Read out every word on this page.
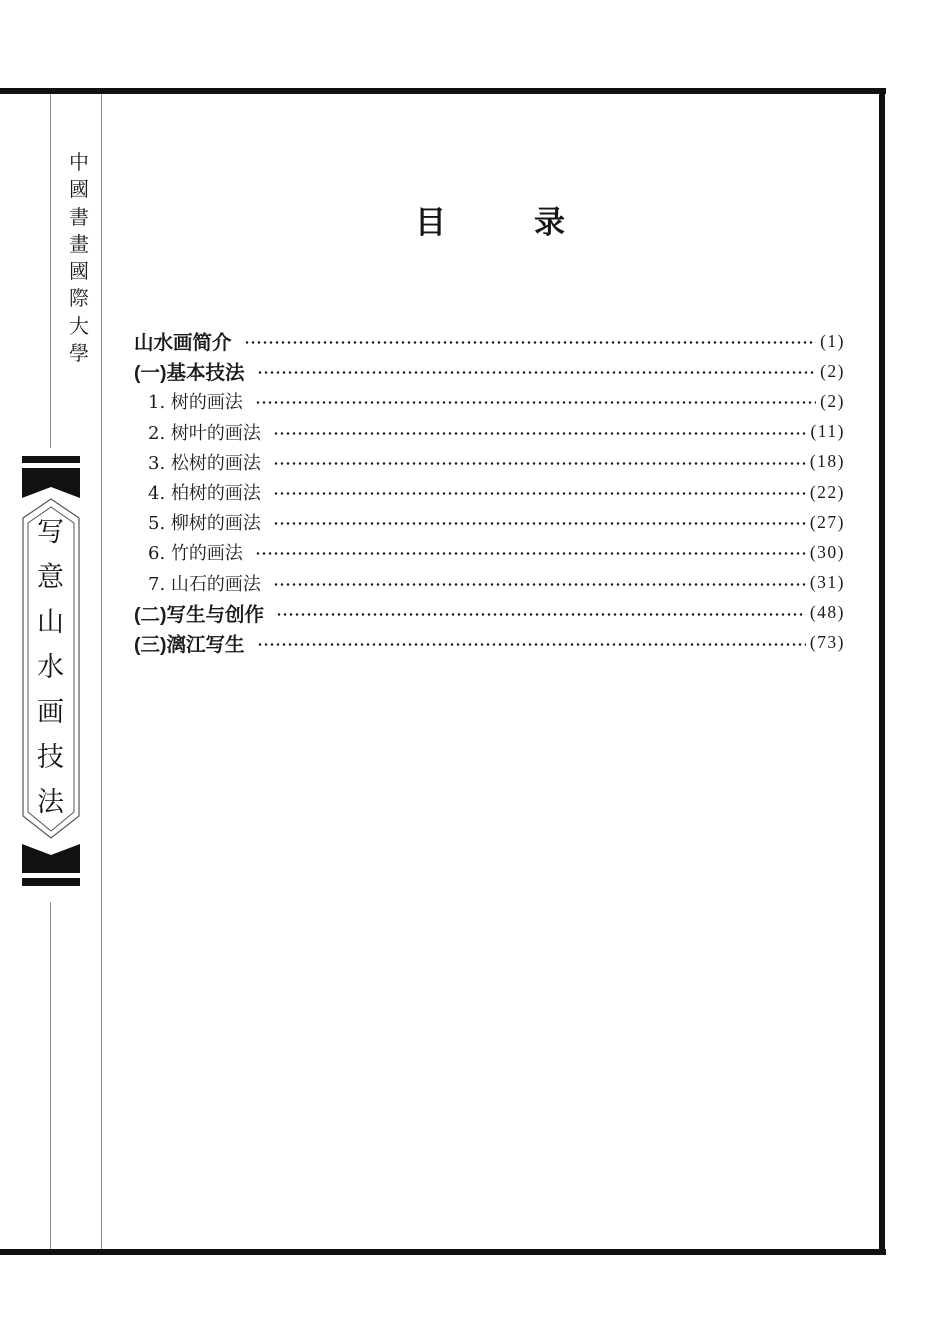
中
國
書
畫
國
際
大
學
写
意
山
水
画
技
法
目	录
山水画简介	(1)
(一)基本技法	(2)
1. 树的画法	(2)
2. 树叶的画法	(11)
3. 松树的画法	(18)
4. 柏树的画法	(22)
5. 柳树的画法	(27)
6. 竹的画法	(30)
7. 山石的画法	(31)
(二)写生与创作	(48)
(三)漓江写生	(73)
